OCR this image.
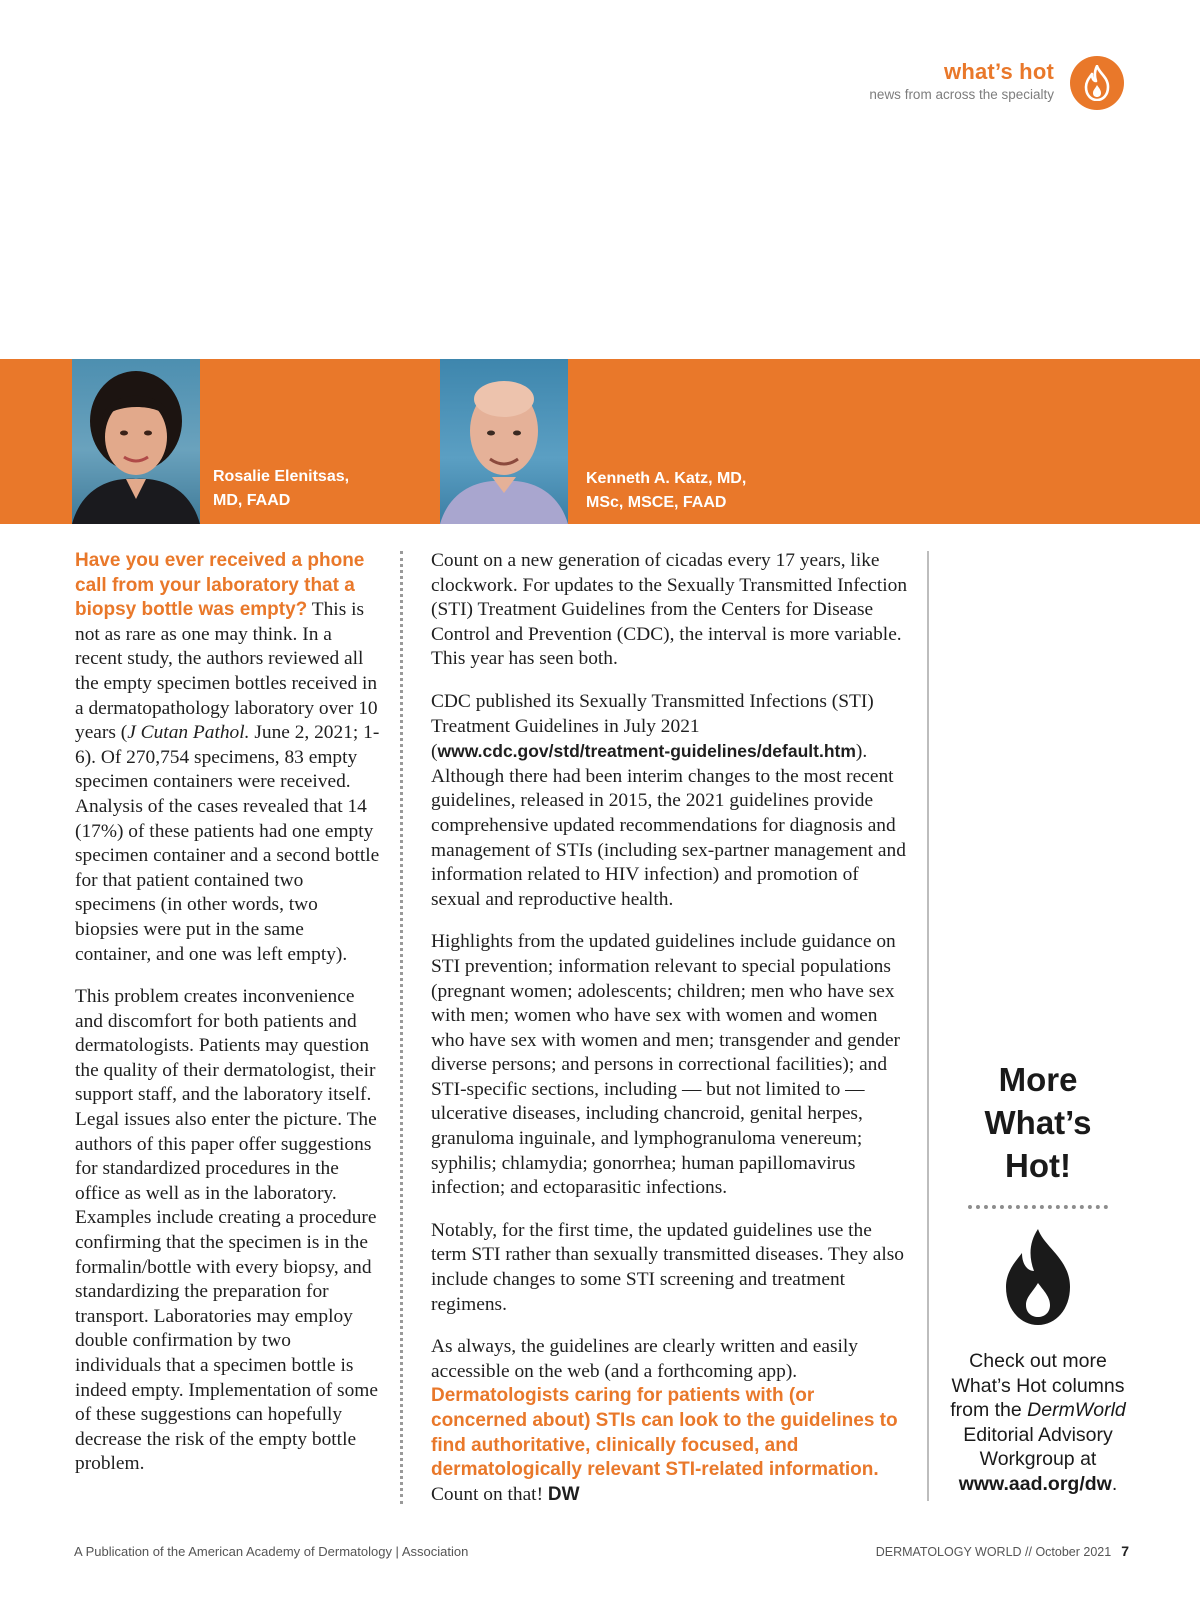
what’s hot
news from across the specialty
Rosalie Elenitsas,
MD, FAAD
Kenneth A. Katz, MD,
MSc, MSCE, FAAD

Have you ever received a phone call from your laboratory that a biopsy bottle was empty? This is not as rare as one may think. In a recent study, the authors reviewed all the empty specimen bottles received in a dermatopathology laboratory over 10 years (J Cutan Pathol. June 2, 2021; 1-6). Of 270,754 specimens, 83 empty specimen containers were received. Analysis of the cases revealed that 14 (17%) of these patients had one empty specimen container and a second bottle for that patient contained two specimens (in other words, two biopsies were put in the same container, and one was left empty).

This problem creates inconvenience and discomfort for both patients and dermatologists. Patients may question the quality of their dermatologist, their support staff, and the laboratory itself. Legal issues also enter the picture. The authors of this paper offer suggestions for standardized procedures in the office as well as in the laboratory. Examples include creating a procedure confirming that the specimen is in the formalin/bottle with every biopsy, and standardizing the preparation for transport. Laboratories may employ double confirmation by two individuals that a specimen bottle is indeed empty. Implementation of some of these suggestions can hopefully decrease the risk of the empty bottle problem.

Count on a new generation of cicadas every 17 years, like clockwork. For updates to the Sexually Transmitted Infection (STI) Treatment Guidelines from the Centers for Disease Control and Prevention (CDC), the interval is more variable. This year has seen both.

CDC published its Sexually Transmitted Infections (STI) Treatment Guidelines in July 2021 (www.cdc.gov/std/treatment-guidelines/default.htm). Although there had been interim changes to the most recent guidelines, released in 2015, the 2021 guidelines provide comprehensive updated recommendations for diagnosis and management of STIs (including sex-partner management and information related to HIV infection) and promotion of sexual and reproductive health.

Highlights from the updated guidelines include guidance on STI prevention; information relevant to special populations (pregnant women; adolescents; children; men who have sex with men; women who have sex with women and women who have sex with women and men; transgender and gender diverse persons; and persons in correctional facilities); and STI-specific sections, including — but not limited to — ulcerative diseases, including chancroid, genital herpes, granuloma inguinale, and lymphogranuloma venereum; syphilis; chlamydia; gonorrhea; human papillomavirus infection; and ectoparasitic infections.

Notably, for the first time, the updated guidelines use the term STI rather than sexually transmitted diseases. They also include changes to some STI screening and treatment regimens.

As always, the guidelines are clearly written and easily accessible on the web (and a forthcoming app). Dermatologists caring for patients with (or concerned about) STIs can look to the guidelines to find authoritative, clinically focused, and dermatologically relevant STI-related information. Count on that! DW

More
What’s
Hot!

Check out more What’s Hot columns from the DermWorld Editorial Advisory Workgroup at www.aad.org/dw.
A Publication of the American Academy of Dermatology | Association	DERMATOLOGY WORLD // October 2021 7
